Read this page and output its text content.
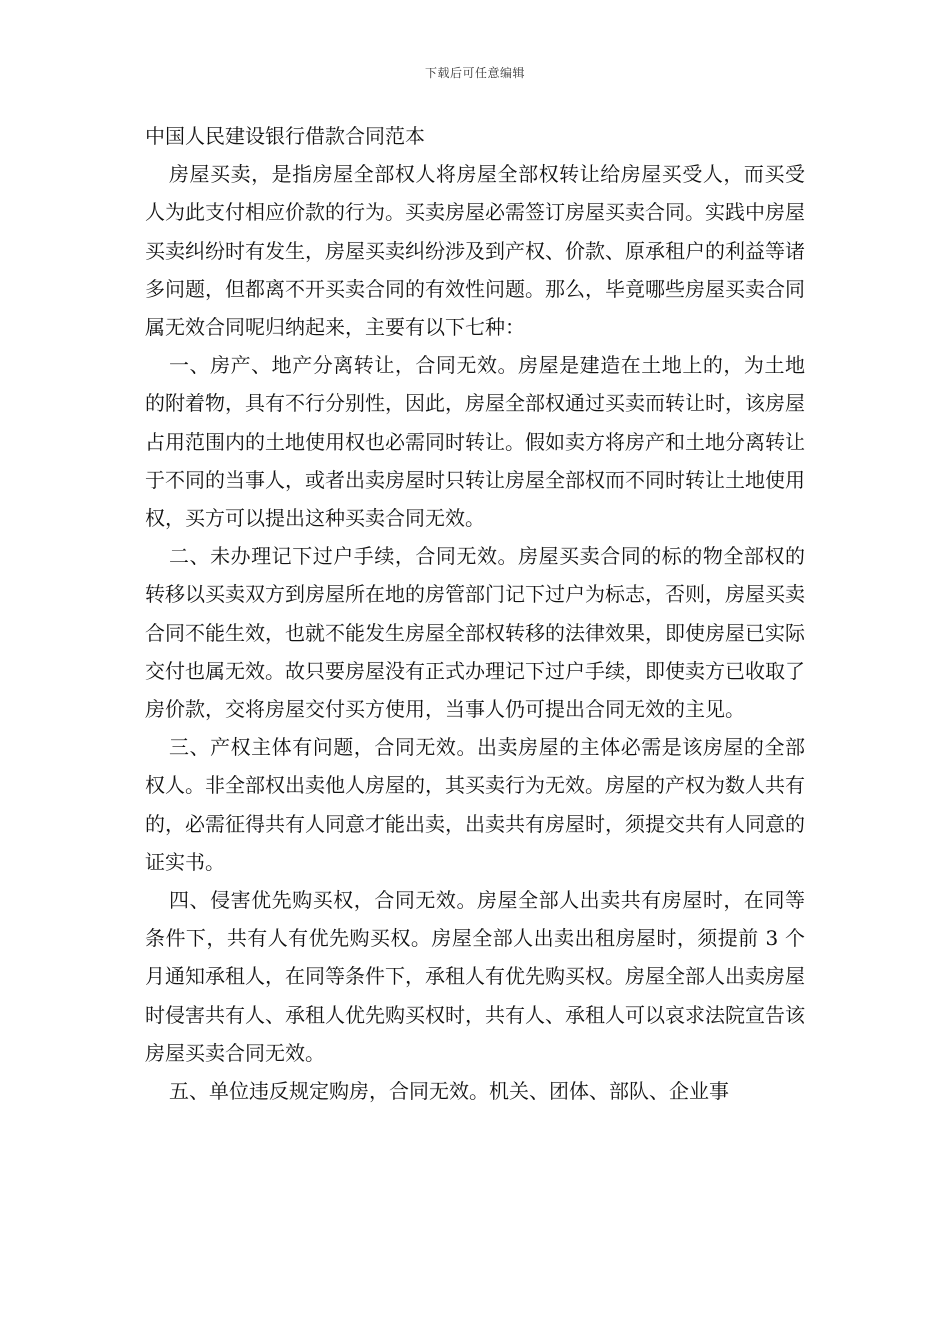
下载后可任意编辑
中国人民建设银行借款合同范本

房屋买卖，是指房屋全部权人将房屋全部权转让给房屋买受人，而买受人为此支付相应价款的行为。买卖房屋必需签订房屋买卖合同。实践中房屋买卖纠纷时有发生，房屋买卖纠纷涉及到产权、价款、原承租户的利益等诸多问题，但都离不开买卖合同的有效性问题。那么，毕竟哪些房屋买卖合同属无效合同呢归纳起来，主要有以下七种：

一、房产、地产分离转让，合同无效。房屋是建造在土地上的，为土地的附着物，具有不行分别性，因此，房屋全部权通过买卖而转让时，该房屋占用范围内的土地使用权也必需同时转让。假如卖方将房产和土地分离转让于不同的当事人，或者出卖房屋时只转让房屋全部权而不同时转让土地使用权，买方可以提出这种买卖合同无效。

二、未办理记下过户手续，合同无效。房屋买卖合同的标的物全部权的转移以买卖双方到房屋所在地的房管部门记下过户为标志，否则，房屋买卖合同不能生效，也就不能发生房屋全部权转移的法律效果，即使房屋已实际交付也属无效。故只要房屋没有正式办理记下过户手续，即使卖方已收取了房价款，交将房屋交付买方使用，当事人仍可提出合同无效的主见。

三、产权主体有问题，合同无效。出卖房屋的主体必需是该房屋的全部权人。非全部权出卖他人房屋的，其买卖行为无效。房屋的产权为数人共有的，必需征得共有人同意才能出卖，出卖共有房屋时，须提交共有人同意的证实书。

四、侵害优先购买权，合同无效。房屋全部人出卖共有房屋时，在同等条件下，共有人有优先购买权。房屋全部人出卖出租房屋时，须提前 3 个月通知承租人，在同等条件下，承租人有优先购买权。房屋全部人出卖房屋时侵害共有人、承租人优先购买权时，共有人、承租人可以哀求法院宣告该房屋买卖合同无效。

五、单位违反规定购房，合同无效。机关、团体、部队、企业事
